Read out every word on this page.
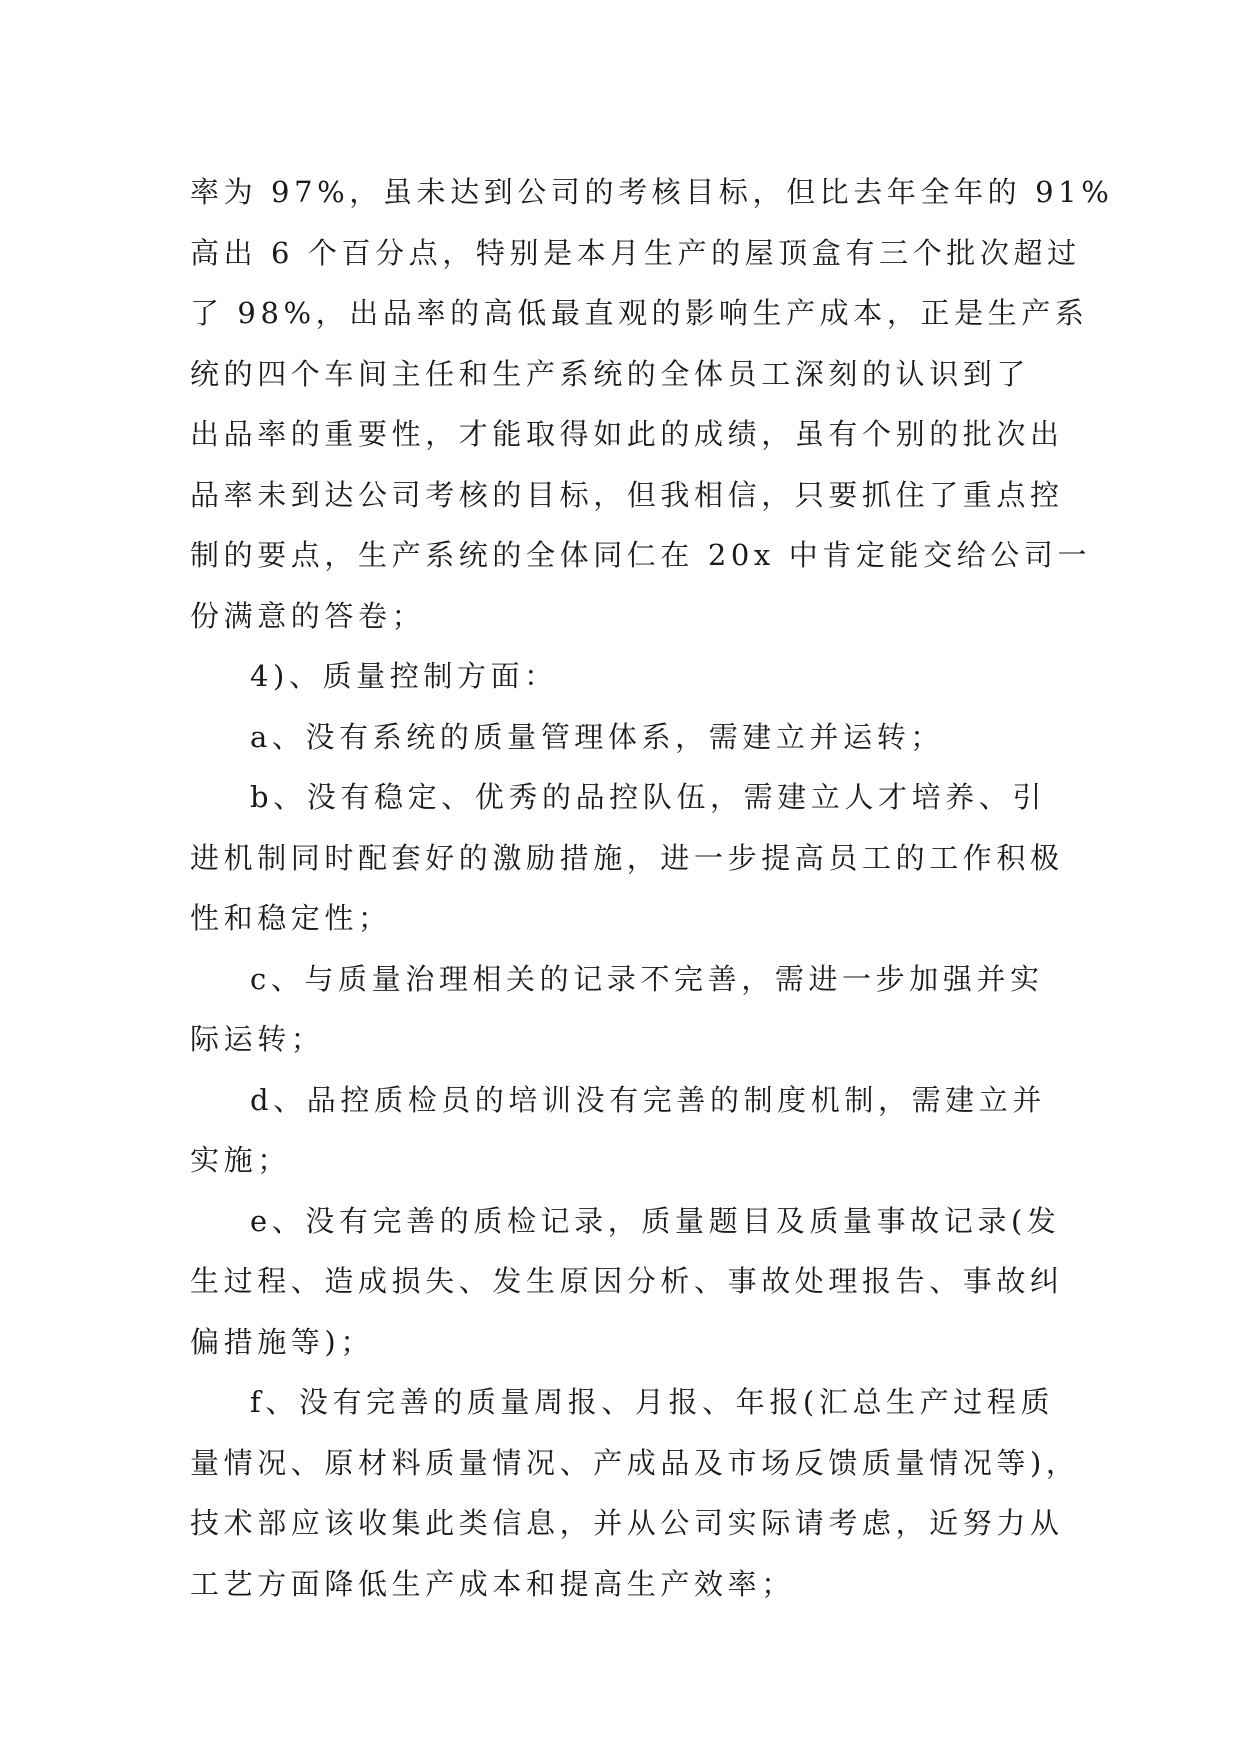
率为 97%，虽未达到公司的考核目标，但比去年全年的 91%
高出 6 个百分点，特别是本月生产的屋顶盒有三个批次超过
了 98%，出品率的高低最直观的影响生产成本，正是生产系
统的四个车间主任和生产系统的全体员工深刻的认识到了
出品率的重要性，才能取得如此的成绩，虽有个别的批次出
品率未到达公司考核的目标，但我相信，只要抓住了重点控
制的要点，生产系统的全体同仁在 20x 中肯定能交给公司一
份满意的答卷；
4)、质量控制方面：
a、没有系统的质量管理体系，需建立并运转；
b、没有稳定、优秀的品控队伍，需建立人才培养、引
进机制同时配套好的激励措施，进一步提高员工的工作积极
性和稳定性；
c、与质量治理相关的记录不完善，需进一步加强并实
际运转；
d、品控质检员的培训没有完善的制度机制，需建立并
实施；
e、没有完善的质检记录，质量题目及质量事故记录(发
生过程、造成损失、发生原因分析、事故处理报告、事故纠
偏措施等)；
f、没有完善的质量周报、月报、年报(汇总生产过程质
量情况、原材料质量情况、产成品及市场反馈质量情况等)，
技术部应该收集此类信息，并从公司实际请考虑，近努力从
工艺方面降低生产成本和提高生产效率；
